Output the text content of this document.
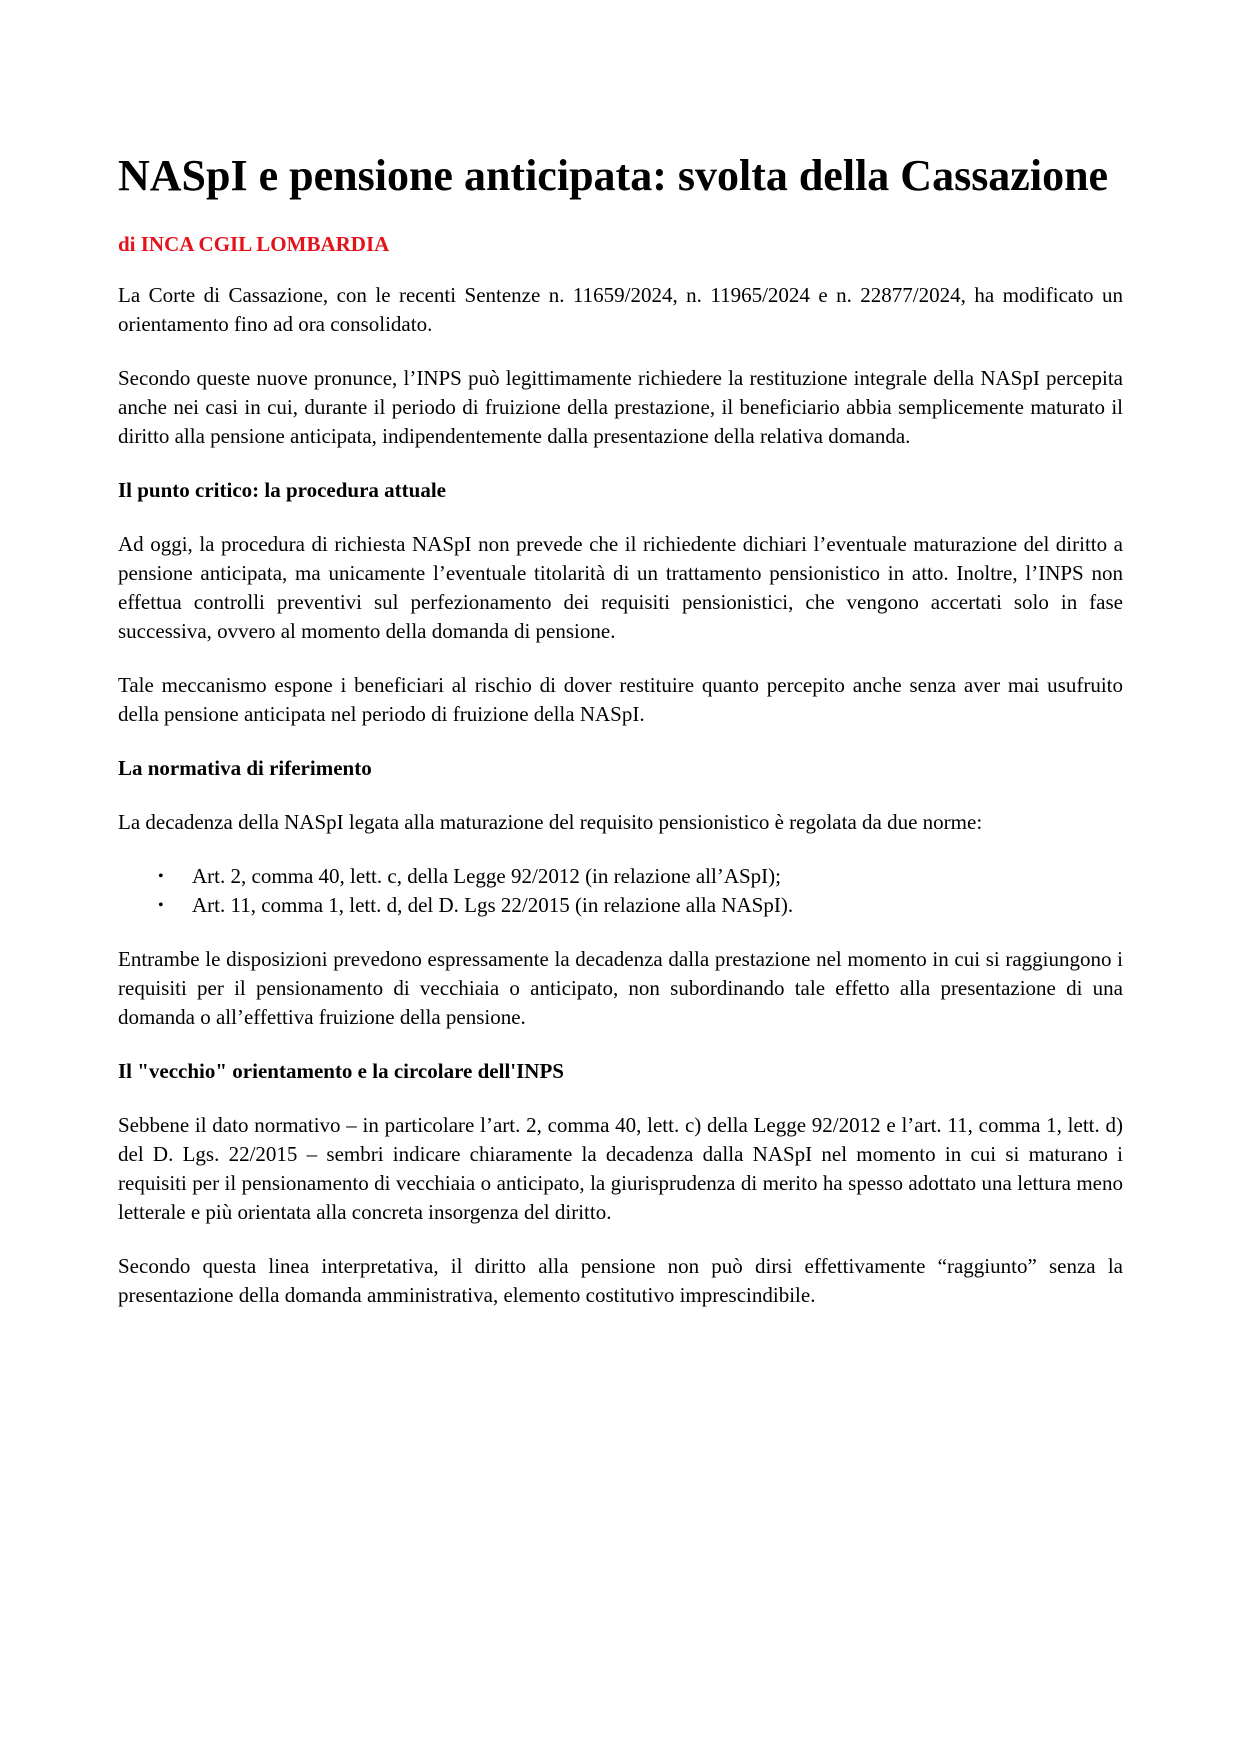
NASpI e pensione anticipata: svolta della Cassazione

di INCA CGIL LOMBARDIA

La Corte di Cassazione, con le recenti Sentenze n. 11659/2024, n. 11965/2024 e n. 22877/2024, ha modificato un orientamento fino ad ora consolidato.

Secondo queste nuove pronunce, l’INPS può legittimamente richiedere la restituzione integrale della NASpI percepita anche nei casi in cui, durante il periodo di fruizione della prestazione, il beneficiario abbia semplicemente maturato il diritto alla pensione anticipata, indipendentemente dalla presentazione della relativa domanda.

Il punto critico: la procedura attuale

Ad oggi, la procedura di richiesta NASpI non prevede che il richiedente dichiari l’eventuale maturazione del diritto a pensione anticipata, ma unicamente l’eventuale titolarità di un trattamento pensionistico in atto. Inoltre, l’INPS non effettua controlli preventivi sul perfezionamento dei requisiti pensionistici, che vengono accertati solo in fase successiva, ovvero al momento della domanda di pensione.

Tale meccanismo espone i beneficiari al rischio di dover restituire quanto percepito anche senza aver mai usufruito della pensione anticipata nel periodo di fruizione della NASpI.

La normativa di riferimento

La decadenza della NASpI legata alla maturazione del requisito pensionistico è regolata da due norme:

• Art. 2, comma 40, lett. c, della Legge 92/2012 (in relazione all’ASpI);
• Art. 11, comma 1, lett. d, del D. Lgs 22/2015 (in relazione alla NASpI).

Entrambe le disposizioni prevedono espressamente la decadenza dalla prestazione nel momento in cui si raggiungono i requisiti per il pensionamento di vecchiaia o anticipato, non subordinando tale effetto alla presentazione di una domanda o all’effettiva fruizione della pensione.

Il "vecchio" orientamento e la circolare dell'INPS

Sebbene il dato normativo – in particolare l’art. 2, comma 40, lett. c) della Legge 92/2012 e l’art. 11, comma 1, lett. d) del D. Lgs. 22/2015 – sembri indicare chiaramente la decadenza dalla NASpI nel momento in cui si maturano i requisiti per il pensionamento di vecchiaia o anticipato, la giurisprudenza di merito ha spesso adottato una lettura meno letterale e più orientata alla concreta insorgenza del diritto.

Secondo questa linea interpretativa, il diritto alla pensione non può dirsi effettivamente “raggiunto” senza la presentazione della domanda amministrativa, elemento costitutivo imprescindibile.
